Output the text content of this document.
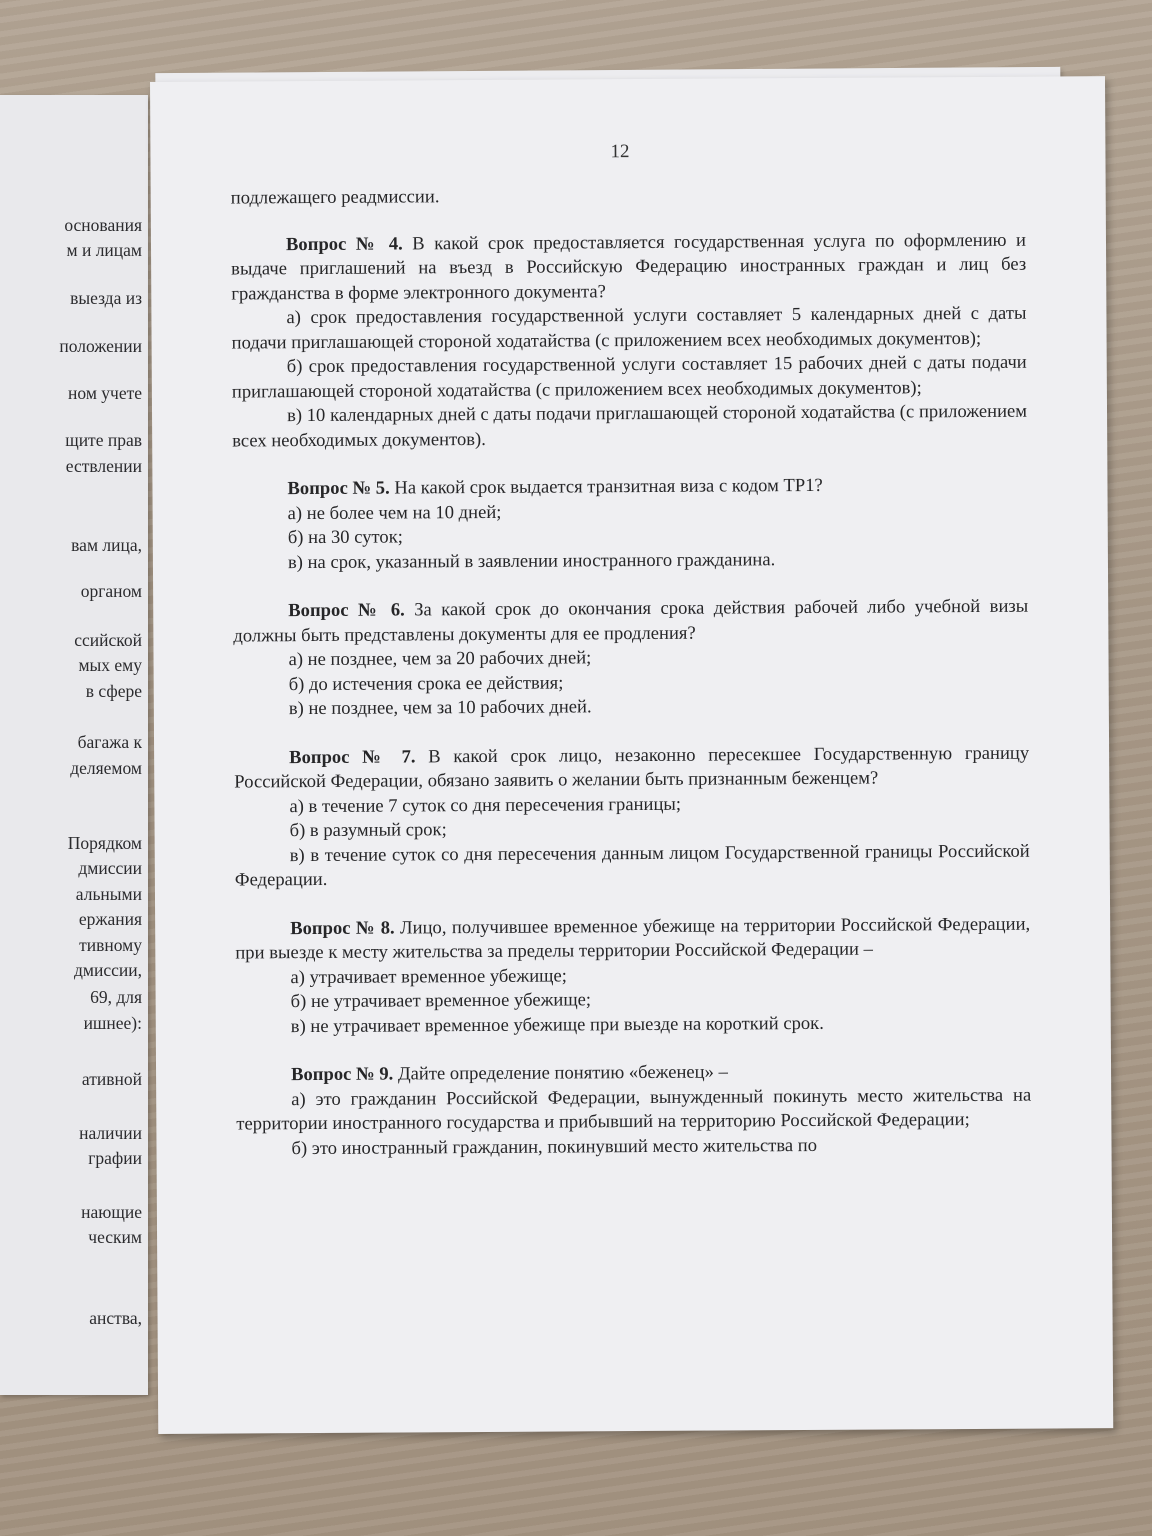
основания
м и лицам
выезда из
положении
ном учете
щите прав
ествлении
вам лица,
органом
ссийской
мых ему
в сфере
багажа к
деляемом
Порядком
дмиссии
альными
ержания
тивному
дмиссии,
69, для
ишнее):
ативной
наличии
графии
нающие
ческим
анства,
12

подлежащего реадмиссии.

Вопрос № 4. В какой срок предоставляется государственная услуга по оформлению и выдаче приглашений на въезд в Российскую Федерацию иностранных граждан и лиц без гражданства в форме электронного документа?

а) срок предоставления государственной услуги составляет 5 календарных дней с даты подачи приглашающей стороной ходатайства (с приложением всех необходимых документов);

б) срок предоставления государственной услуги составляет 15 рабочих дней с даты подачи приглашающей стороной ходатайства (с приложением всех необходимых документов);

в) 10 календарных дней с даты подачи приглашающей стороной ходатайства (с приложением всех необходимых документов).

Вопрос № 5. На какой срок выдается транзитная виза с кодом ТР1?

а) не более чем на 10 дней;

б) на 30 суток;

в) на срок, указанный в заявлении иностранного гражданина.

Вопрос № 6. За какой срок до окончания срока действия рабочей либо учебной визы должны быть представлены документы для ее продления?

а) не позднее, чем за 20 рабочих дней;

б) до истечения срока ее действия;

в) не позднее, чем за 10 рабочих дней.

Вопрос № 7. В какой срок лицо, незаконно пересекшее Государственную границу Российской Федерации, обязано заявить о желании быть признанным беженцем?

а) в течение 7 суток со дня пересечения границы;

б) в разумный срок;

в) в течение суток со дня пересечения данным лицом Государственной границы Российской Федерации.

Вопрос № 8. Лицо, получившее временное убежище на территории Российской Федерации, при выезде к месту жительства за пределы территории Российской Федерации –

а) утрачивает временное убежище;

б) не утрачивает временное убежище;

в) не утрачивает временное убежище при выезде на короткий срок.

Вопрос № 9. Дайте определение понятию «беженец» –

а) это гражданин Российской Федерации, вынужденный покинуть место жительства на территории иностранного государства и прибывший на территорию Российской Федерации;

б) это иностранный гражданин, покинувший место жительства по
